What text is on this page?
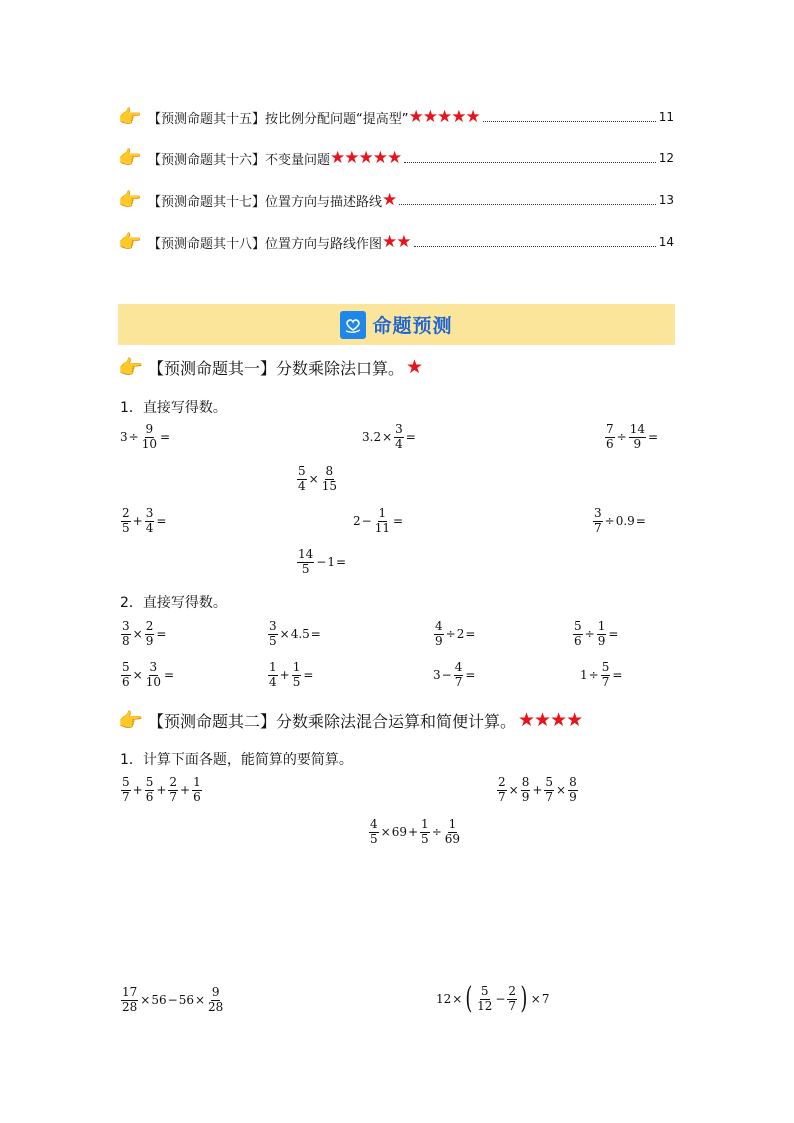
👉 【预测命题其十五】按比例分配问题“提高型” ★★★★★	11
👉 【预测命题其十六】不变量问题 ★★★★★	12
👉 【预测命题其十七】位置方向与描述路线 ★	13
👉 【预测命题其十八】位置方向与路线作图 ★★	14
命题预测
👉 【预测命题其一】分数乘除法口算。 ★
1．直接写得数。
$3 \div \frac{9}{10}$ =	$3.2 \times \frac{3}{4}$ =	$\frac{7}{6} \div \frac{14}{9}$ =
$\frac{5}{4} \times \frac{8}{15}$
$\frac{2}{5} + \frac{3}{4}$ =	$2 - \frac{1}{11}$ =	$\frac{3}{7} \div 0.9$ =
$\frac{14}{5} - 1$ =
2．直接写得数。
$\frac{3}{8} \times \frac{2}{9}$ =	$\frac{3}{5} \times 4.5$ =	$\frac{4}{9} \div 2$ =	$\frac{5}{6} \div \frac{1}{9}$ =
$\frac{5}{6} \times \frac{3}{10}$ =	$\frac{1}{4} + \frac{1}{5}$ =	$3 - \frac{4}{7}$ =	$1 \div \frac{5}{7}$ =
👉 【预测命题其二】分数乘除法混合运算和简便计算。 ★★★★
1．计算下面各题，能简算的要简算。
$\frac{5}{7} + \frac{5}{6} + \frac{2}{7} + \frac{1}{6}$	$\frac{2}{7} \times \frac{8}{9} + \frac{5}{7} \times \frac{8}{9}$
$\frac{4}{5} \times 69 + \frac{1}{5} \div \frac{1}{69}$
$\frac{17}{28} \times 56 - 56 \times \frac{9}{28}$	12 × ( $\frac{5}{12} - \frac{2}{7}$ ) × 7
